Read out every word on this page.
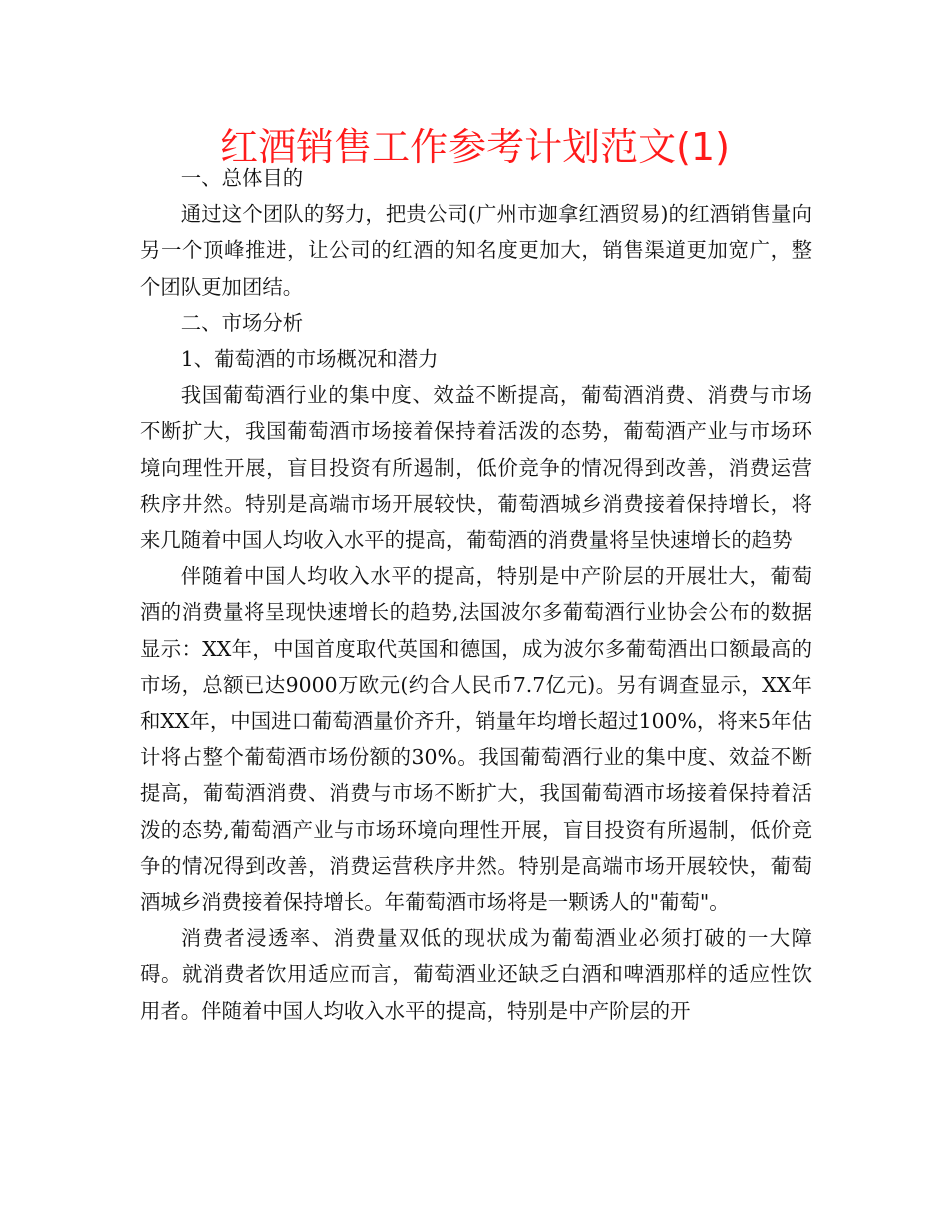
红酒销售工作参考计划范文(1)

一、总体目的

通过这个团队的努力，把贵公司(广州市迦拿红酒贸易)的红酒销售量向另一个顶峰推进，让公司的红酒的知名度更加大，销售渠道更加宽广，整个团队更加团结。

二、市场分析

1、葡萄酒的市场概况和潜力

我国葡萄酒行业的集中度、效益不断提高，葡萄酒消费、消费与市场不断扩大，我国葡萄酒市场接着保持着活泼的态势，葡萄酒产业与市场环境向理性开展，盲目投资有所遏制，低价竞争的情况得到改善，消费运营秩序井然。特别是高端市场开展较快，葡萄酒城乡消费接着保持增长，将来几随着中国人均收入水平的提高，葡萄酒的消费量将呈快速增长的趋势

伴随着中国人均收入水平的提高，特别是中产阶层的开展壮大，葡萄酒的消费量将呈现快速增长的趋势,法国波尔多葡萄酒行业协会公布的数据显示：XX年，中国首度取代英国和德国，成为波尔多葡萄酒出口额最高的市场，总额已达9000万欧元(约合人民币7.7亿元)。另有调查显示，XX年和XX年，中国进口葡萄酒量价齐升，销量年均增长超过100%，将来5年估计将占整个葡萄酒市场份额的30%。我国葡萄酒行业的集中度、效益不断提高，葡萄酒消费、消费与市场不断扩大，我国葡萄酒市场接着保持着活泼的态势,葡萄酒产业与市场环境向理性开展，盲目投资有所遏制，低价竞争的情况得到改善，消费运营秩序井然。特别是高端市场开展较快，葡萄酒城乡消费接着保持增长。年葡萄酒市场将是一颗诱人的"葡萄"。

消费者浸透率、消费量双低的现状成为葡萄酒业必须打破的一大障碍。就消费者饮用适应而言，葡萄酒业还缺乏白酒和啤酒那样的适应性饮用者。伴随着中国人均收入水平的提高，特别是中产阶层的开
